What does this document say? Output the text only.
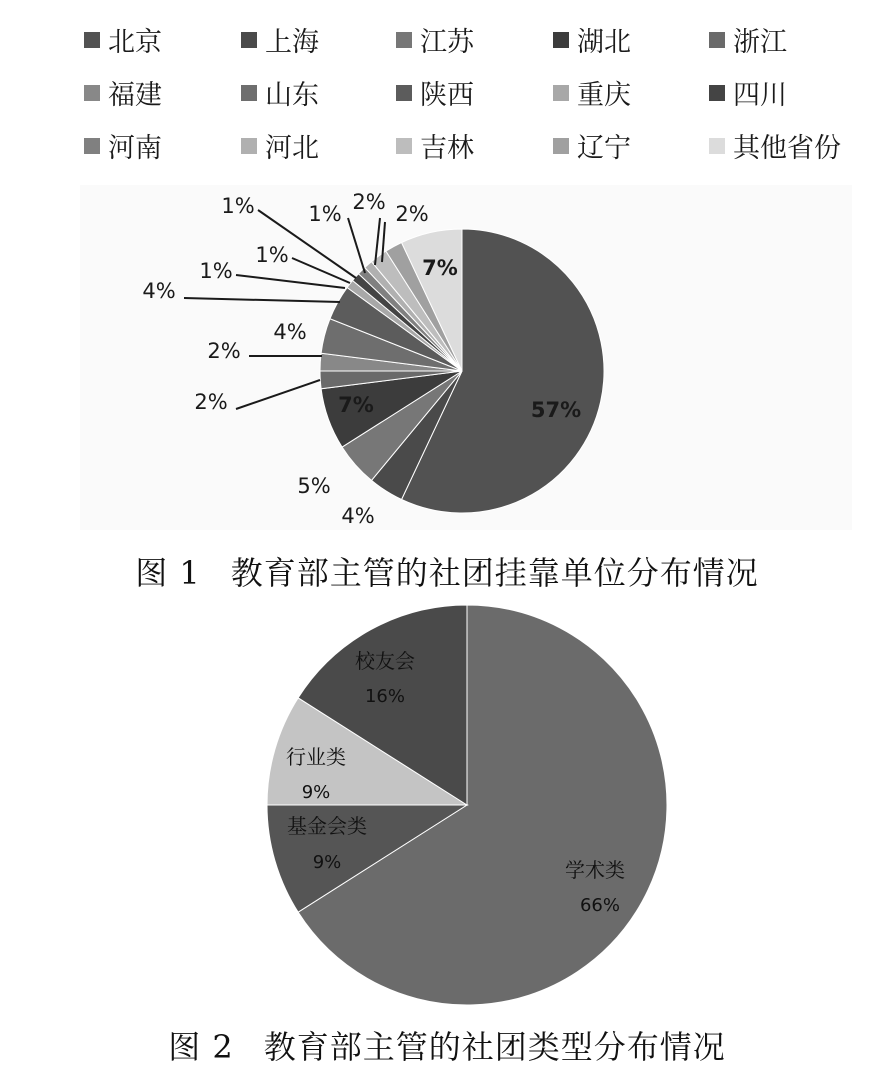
北京	上海	江苏	湖北	浙江
福建	山东	陕西	重庆	四川
河南	河北	吉林	辽宁	其他省份
57%
4%
5%
7%
2%
2%
4%
4%
1%
1%
1%	1% 2% 2%
7%
图 1 教育部主管的社团挂靠单位分布情况
学术类
66%
基金会类
9%
行业类
9%
校友会
16%
图 2 教育部主管的社团类型分布情况
